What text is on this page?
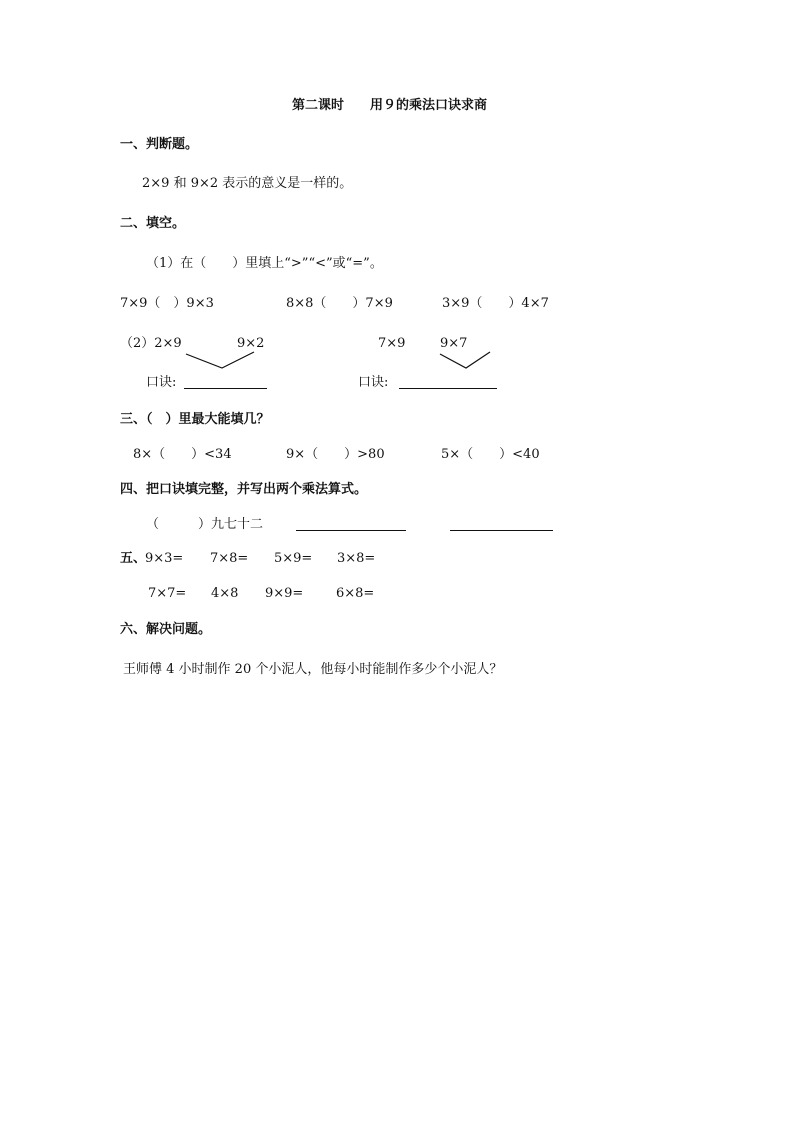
第二课时　　用９的乘法口诀求商
一、判断题。
2×9 和 9×2 表示的意义是一样的。
二、填空。
（1）在（　　）里填上“>”“<”或“=”。
7×9（　）9×3	8×8（　　）7×9	3×9（　　）4×7
（2）2×9	9×2
口诀:
7×9	9×7
口诀:
三、（　）里最大能填几？
8×（　　）<34	9×（　　）>80	5×（　　）<40
四、把口诀填完整，并写出两个乘法算式。
（　　　）九七十二
五、
9×3= 7×8= 5×9= 3×8=
7×7= 4×8 9×9=	6×8=
六、解决问题。
王师傅 4 小时制作 20 个小泥人，他每小时能制作多少个小泥人？
